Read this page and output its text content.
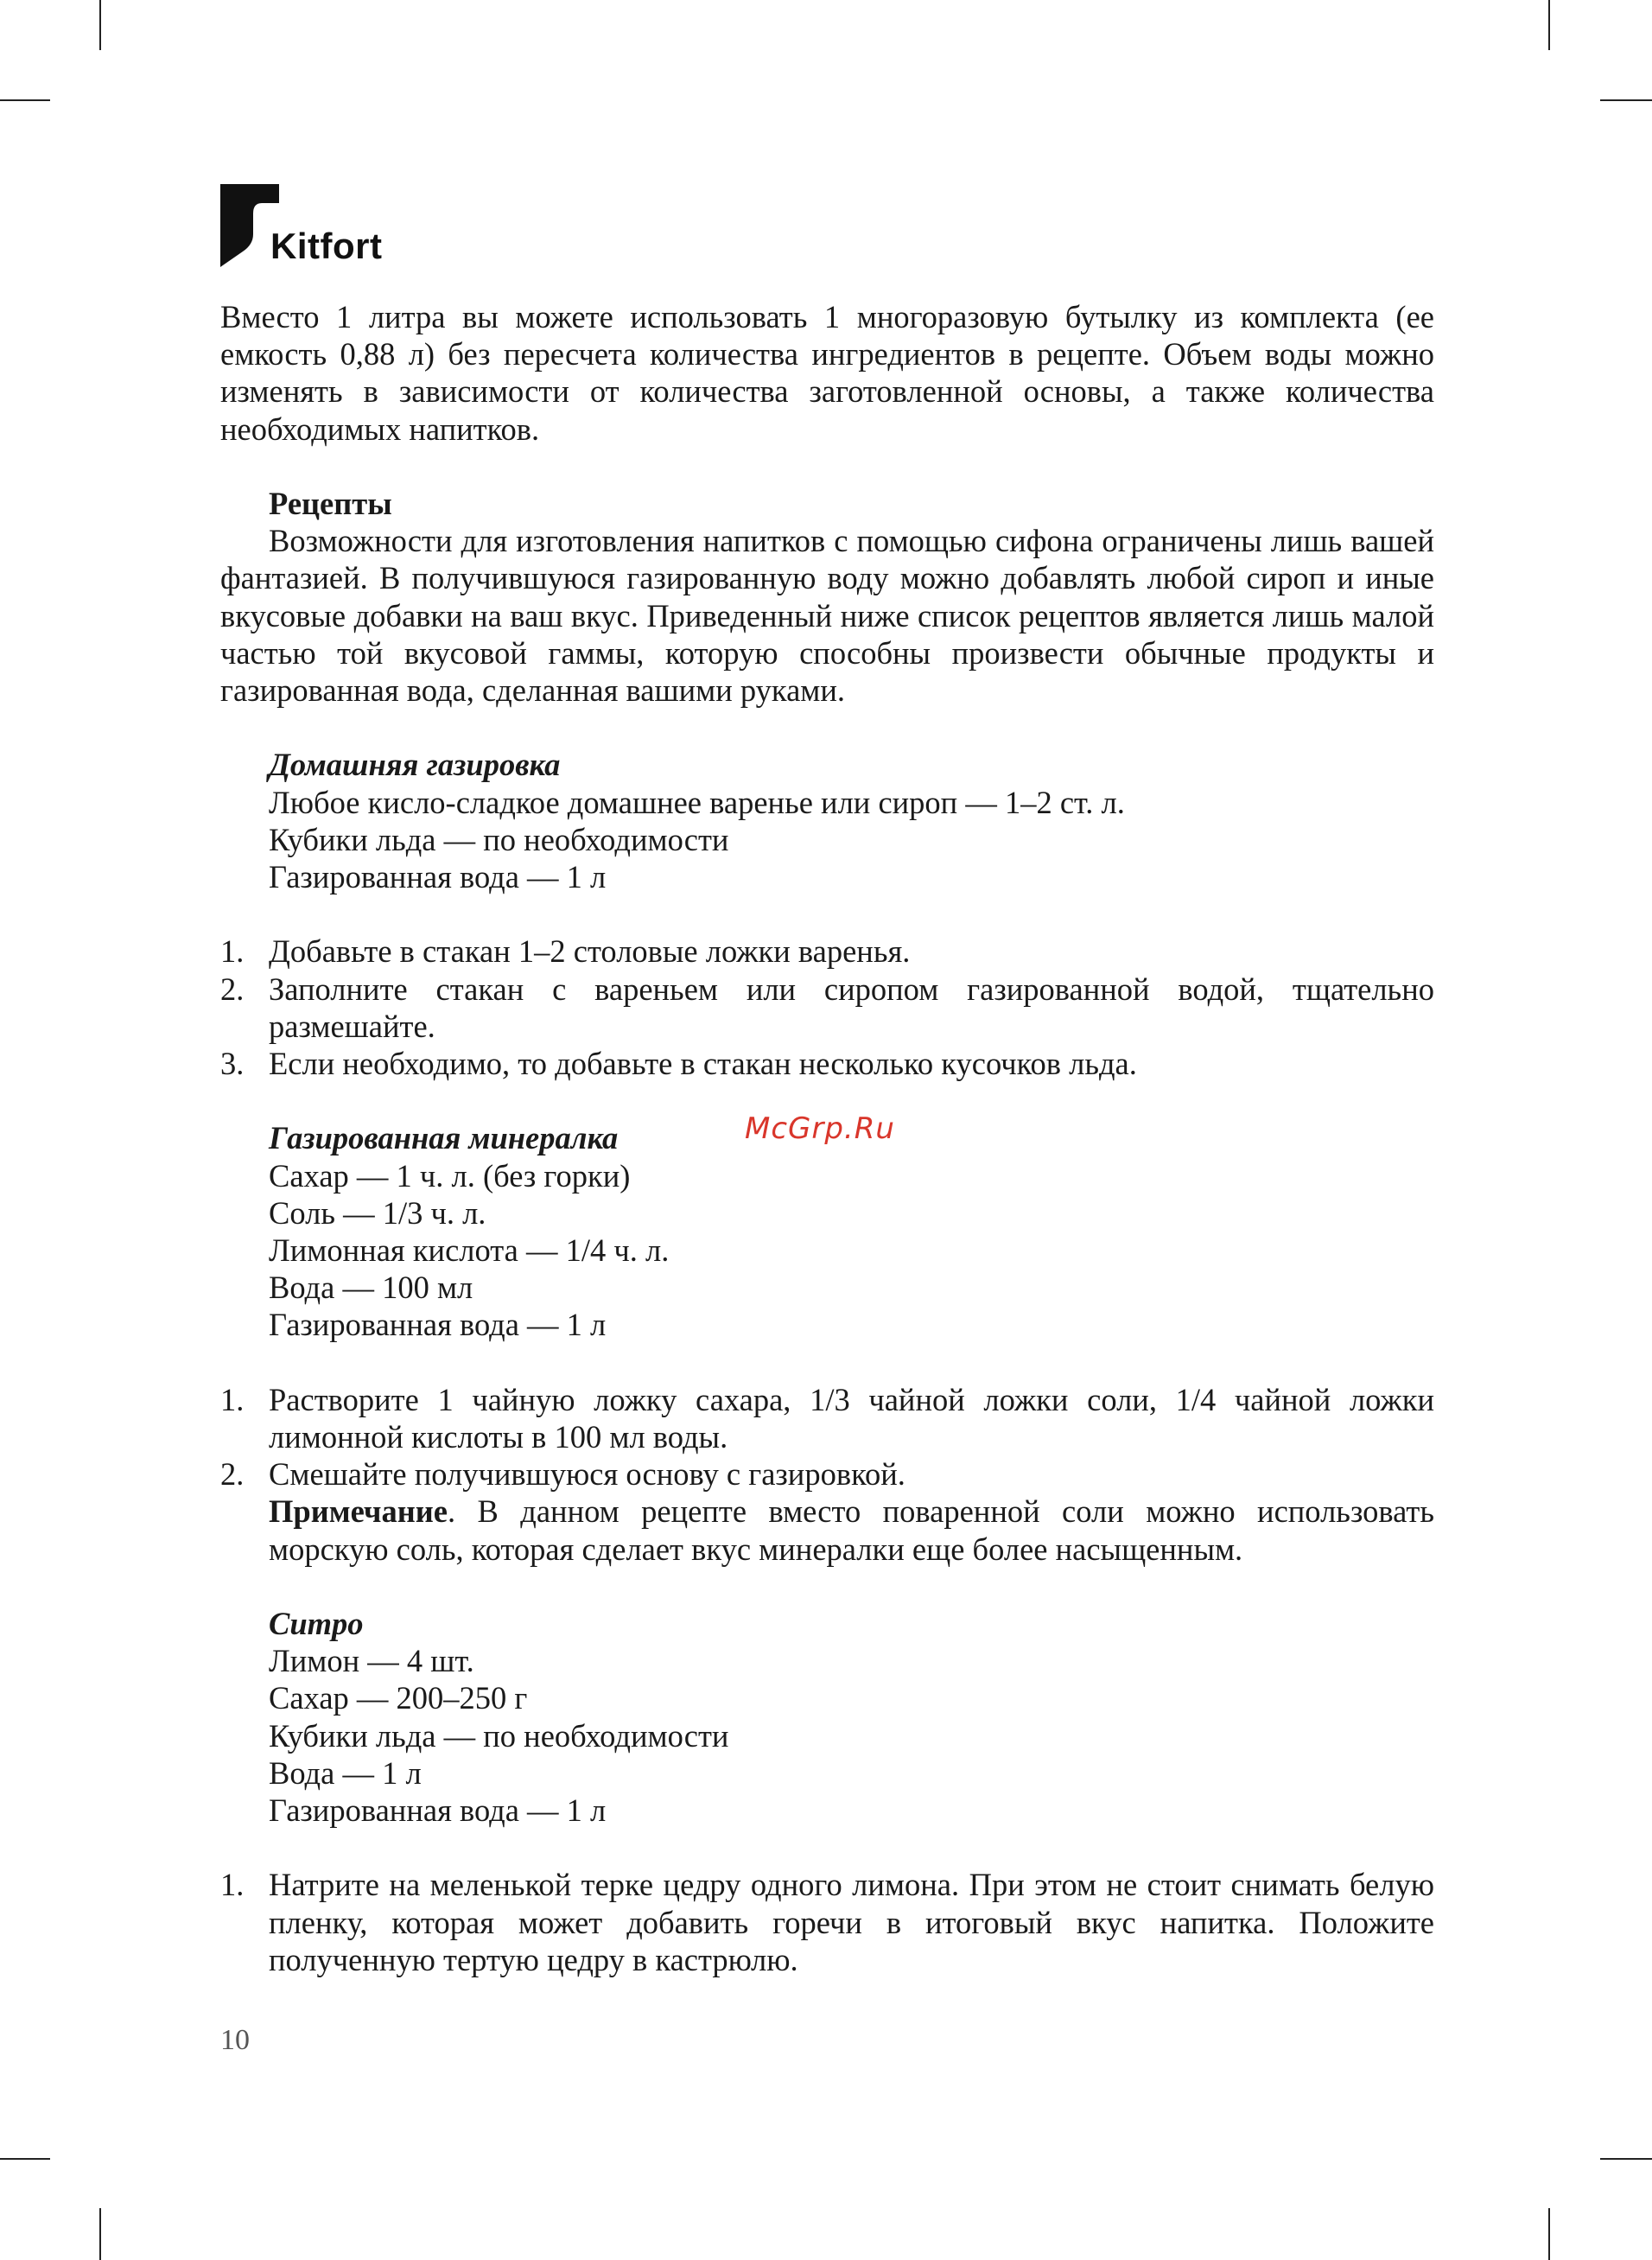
Kitfort

Вместо 1 литра вы можете использовать 1 многоразовую бутылку из комплекта (ее емкость 0,88 л) без пересчета количества ингредиентов в рецепте. Объем воды можно изменять в зависимости от количества заготовленной основы, а также количества необходимых напитков.

Рецепты

Возможности для изготовления напитков с помощью сифона ограничены лишь вашей фантазией. В получившуюся газированную воду можно добавлять любой сироп и иные вкусовые добавки на ваш вкус. Приведенный ниже список рецептов является лишь малой частью той вкусовой гаммы, которую способны произвести обычные продукты и газированная вода, сделанная вашими руками.

Домашняя газировка
Любое кисло-сладкое домашнее варенье или сироп — 1–2 ст. л.
Кубики льда — по необходимости
Газированная вода — 1 л
1. Добавьте в стакан 1–2 столовые ложки варенья.
2. Заполните стакан с вареньем или сиропом газированной водой, тщательно размешайте.
3. Если необходимо, то добавьте в стакан несколько кусочков льда.
Газированная минералка
Сахар — 1 ч. л. (без горки)
Соль — 1/3 ч. л.
Лимонная кислота — 1/4 ч. л.
Вода — 100 мл
Газированная вода — 1 л
1. Растворите 1 чайную ложку сахара, 1/3 чайной ложки соли, 1/4 чайной ложки лимонной кислоты в 100 мл воды.
2. Смешайте получившуюся основу с газировкой.

Примечание. В данном рецепте вместо поваренной соли можно использовать морскую соль, которая сделает вкус минералки еще более насыщенным.

Ситро
Лимон — 4 шт.
Сахар — 200–250 г
Кубики льда — по необходимости
Вода — 1 л
Газированная вода — 1 л
1. Натрите на меленькой терке цедру одного лимона. При этом не стоит снимать белую пленку, которая может добавить горечи в итоговый вкус напитка. Положите полученную тертую цедру в кастрюлю.
McGrp.Ru
10
